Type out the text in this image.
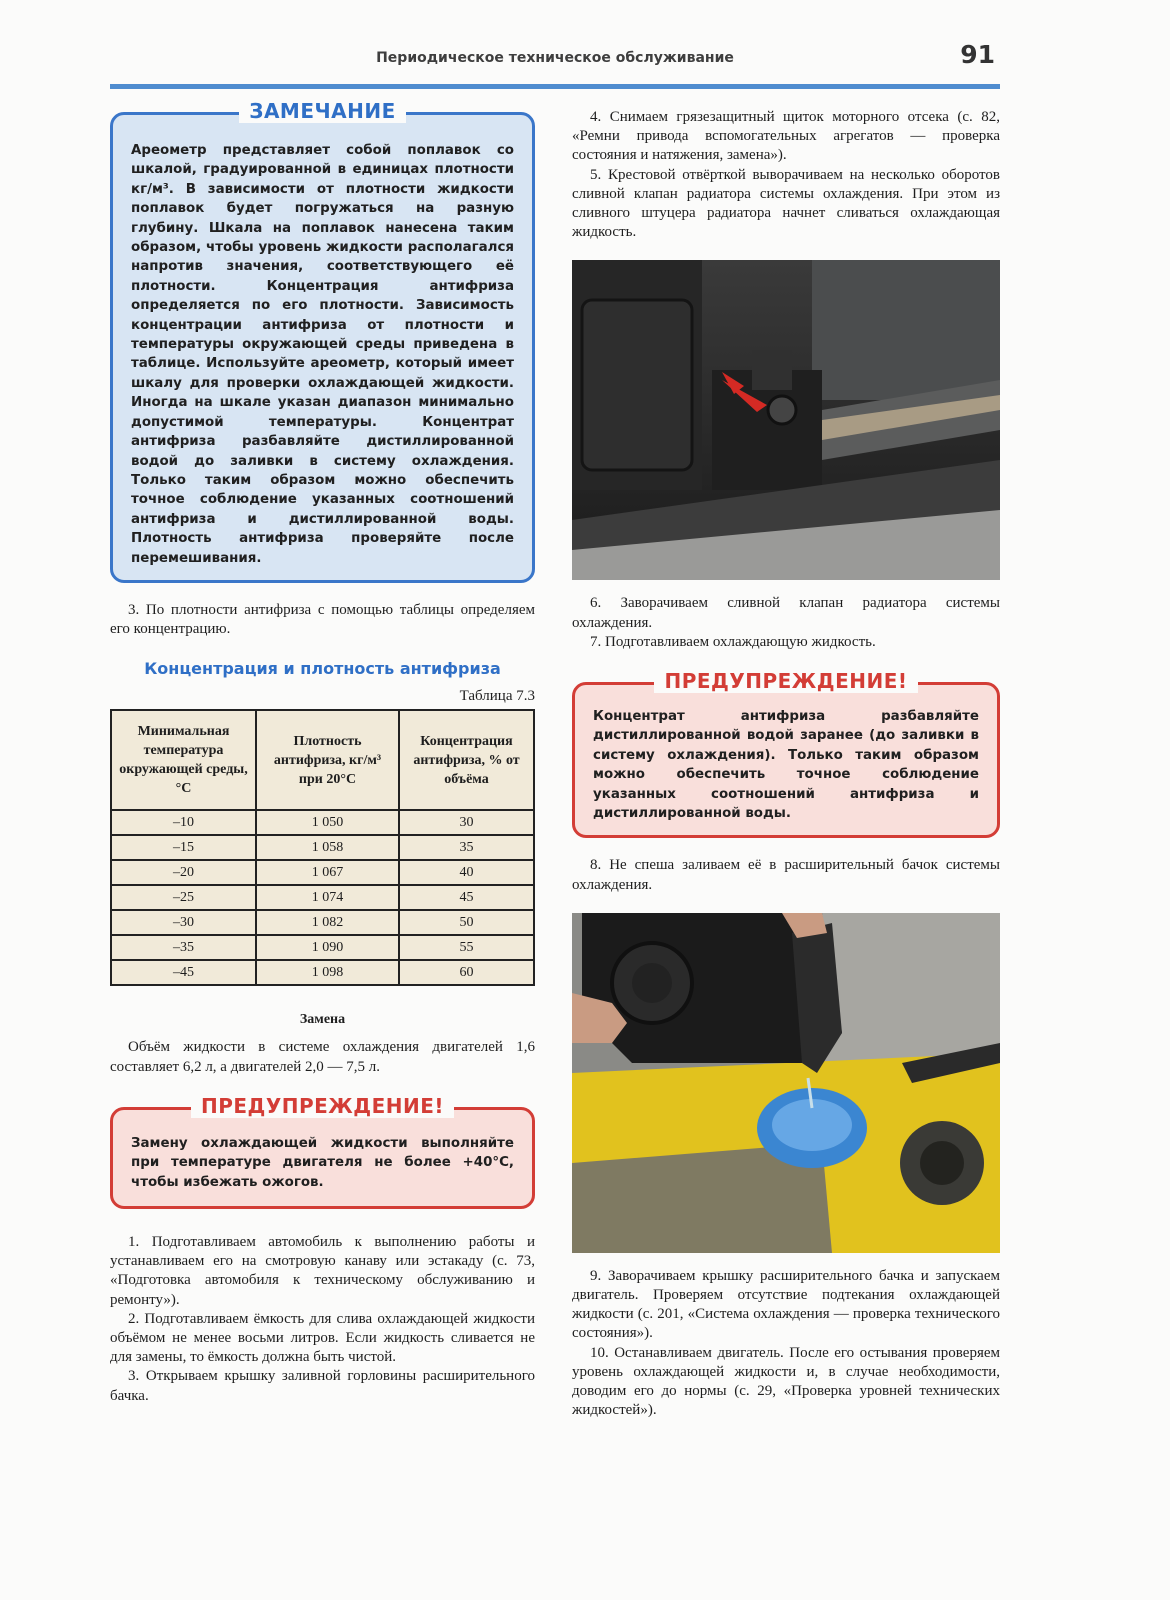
Периодическое техническое обслуживание	91
ЗАМЕЧАНИЕ
Ареометр представляет собой поплавок со шкалой, градуированной в единицах плотности кг/м³. В зависимости от плотности жидкости поплавок будет погружаться на разную глубину. Шкала на поплавок нанесена таким образом, чтобы уровень жидкости располагался напротив значения, соответствующего её плотности. Концентрация антифриза определяется по его плотности. Зависимость концентрации антифриза от плотности и температуры окружающей среды приведена в таблице. Используйте ареометр, который имеет шкалу для проверки охлаждающей жидкости. Иногда на шкале указан диапазон минимально допустимой температуры. Концентрат антифриза разбавляйте дистиллированной водой до заливки в систему охлаждения. Только таким образом можно обеспечить точное соблюдение указанных соотношений антифриза и дистиллированной воды. Плотность антифриза проверяйте после перемешивания.

3. По плотности антифриза с помощью таблицы определяем его концентрацию.

Концентрация и плотность антифриза
Таблица 7.3
Минимальная температура окружающей среды, °С	Плотность антифриза, кг/м³ при 20°С	Концентрация антифриза, % от объёма
–10	1 050	30
–15	1 058	35
–20	1 067	40
–25	1 074	45
–30	1 082	50
–35	1 090	55
–45	1 098	60
Замена

Объём жидкости в системе охлаждения двигателей 1,6 составляет 6,2 л, а двигателей 2,0 — 7,5 л.

ПРЕДУПРЕЖДЕНИЕ!
Замену охлаждающей жидкости выполняйте при температуре двигателя не более +40°С, чтобы избежать ожогов.

1. Подготавливаем автомобиль к выполнению работы и устанавливаем его на смотровую канаву или эстакаду (с. 73, «Подготовка автомобиля к техническому обслуживанию и ремонту»).

2. Подготавливаем ёмкость для слива охлаждающей жидкости объёмом не менее восьми литров. Если жидкость сливается не для замены, то ёмкость должна быть чистой.

3. Открываем крышку заливной горловины расширительного бачка.

4. Снимаем грязезащитный щиток моторного отсека (с. 82, «Ремни привода вспомогательных агрегатов — проверка состояния и натяжения, замена»).

5. Крестовой отвёрткой выворачиваем на несколько оборотов сливной клапан радиатора системы охлаждения. При этом из сливного штуцера радиатора начнет сливаться охлаждающая жидкость.

6. Заворачиваем сливной клапан радиатора системы охлаждения.

7. Подготавливаем охлаждающую жидкость.

ПРЕДУПРЕЖДЕНИЕ!
Концентрат антифриза разбавляйте дистиллированной водой заранее (до заливки в систему охлаждения). Только таким образом можно обеспечить точное соблюдение указанных соотношений антифриза и дистиллированной воды.

8. Не спеша заливаем её в расширительный бачок системы охлаждения.

9. Заворачиваем крышку расширительного бачка и запускаем двигатель. Проверяем отсутствие подтекания охлаждающей жидкости (с. 201, «Система охлаждения — проверка технического состояния»).

10. Останавливаем двигатель. После его остывания проверяем уровень охлаждающей жидкости и, в случае необходимости, доводим его до нормы (с. 29, «Проверка уровней технических жидкостей»).
